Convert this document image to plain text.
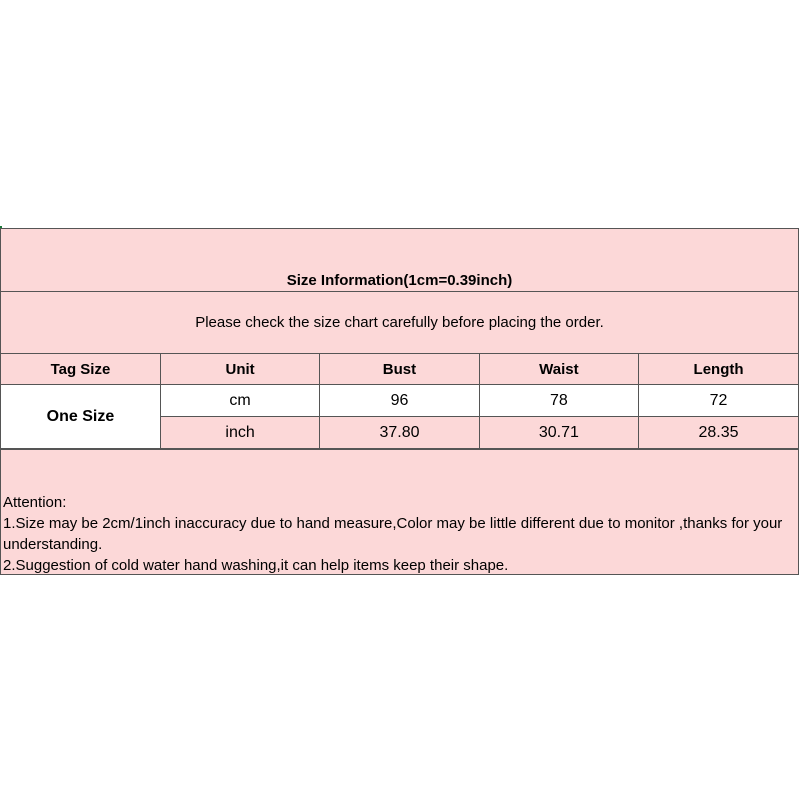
Size Information(1cm=0.39inch)
Please check the size chart carefully before placing the order.
Tag Size	Unit	Bust	Waist	Length
One Size	cm	96	78	72
	inch	37.80	30.71	28.35
Attention:
1.Size may be 2cm/1inch inaccuracy due to hand measure,Color may be little different due to monitor ,thanks for your understanding.
2.Suggestion of cold water hand washing,it can help items keep their shape.
